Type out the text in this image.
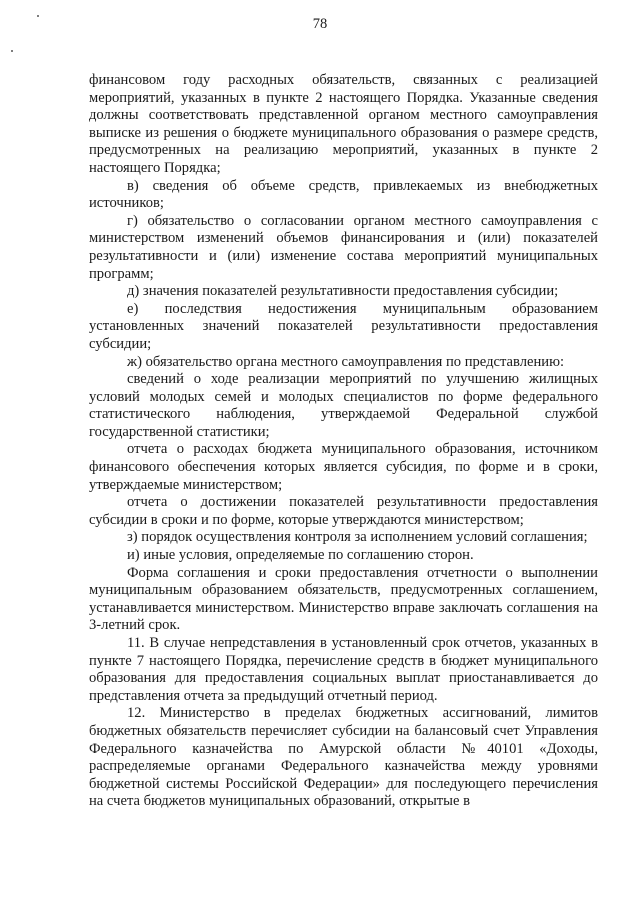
78

финансовом году расходных обязательств, связанных с реализацией мероприятий, указанных в пункте 2 настоящего Порядка. Указанные сведения должны соответствовать представленной органом местного самоуправления выписке из решения о бюджете муниципального образования о размере средств, предусмотренных на реализацию мероприятий, указанных в пункте 2 настоящего Порядка;

в) сведения об объеме средств, привлекаемых из внебюджетных источников;

г) обязательство о согласовании органом местного самоуправления с министерством изменений объемов финансирования и (или) показателей результативности и (или) изменение состава мероприятий муниципальных программ;

д) значения показателей результативности предоставления субсидии;

е) последствия недостижения муниципальным образованием установленных значений показателей результативности предоставления субсидии;

ж) обязательство органа местного самоуправления по представлению:

сведений о ходе реализации мероприятий по улучшению жилищных условий молодых семей и молодых специалистов по форме федерального статистического наблюдения, утверждаемой Федеральной службой государственной статистики;

отчета о расходах бюджета муниципального образования, источником финансового обеспечения которых является субсидия, по форме и в сроки, утверждаемые министерством;

отчета о достижении показателей результативности предоставления субсидии в сроки и по форме, которые утверждаются министерством;

з) порядок осуществления контроля за исполнением условий соглашения;

и) иные условия, определяемые по соглашению сторон.

Форма соглашения и сроки предоставления отчетности о выполнении муниципальным образованием обязательств, предусмотренных соглашением, устанавливается министерством. Министерство вправе заключать соглашения на 3-летний срок.

11. В случае непредставления в установленный срок отчетов, указанных в пункте 7 настоящего Порядка, перечисление средств в бюджет муниципального образования для предоставления социальных выплат приостанавливается до представления отчета за предыдущий отчетный период.

12. Министерство в пределах бюджетных ассигнований, лимитов бюджетных обязательств перечисляет субсидии на балансовый счет Управления Федерального казначейства по Амурской области №40101 «Доходы, распределяемые органами Федерального казначейства между уровнями бюджетной системы Российской Федерации» для последующего перечисления на счета бюджетов муниципальных образований, открытые в
